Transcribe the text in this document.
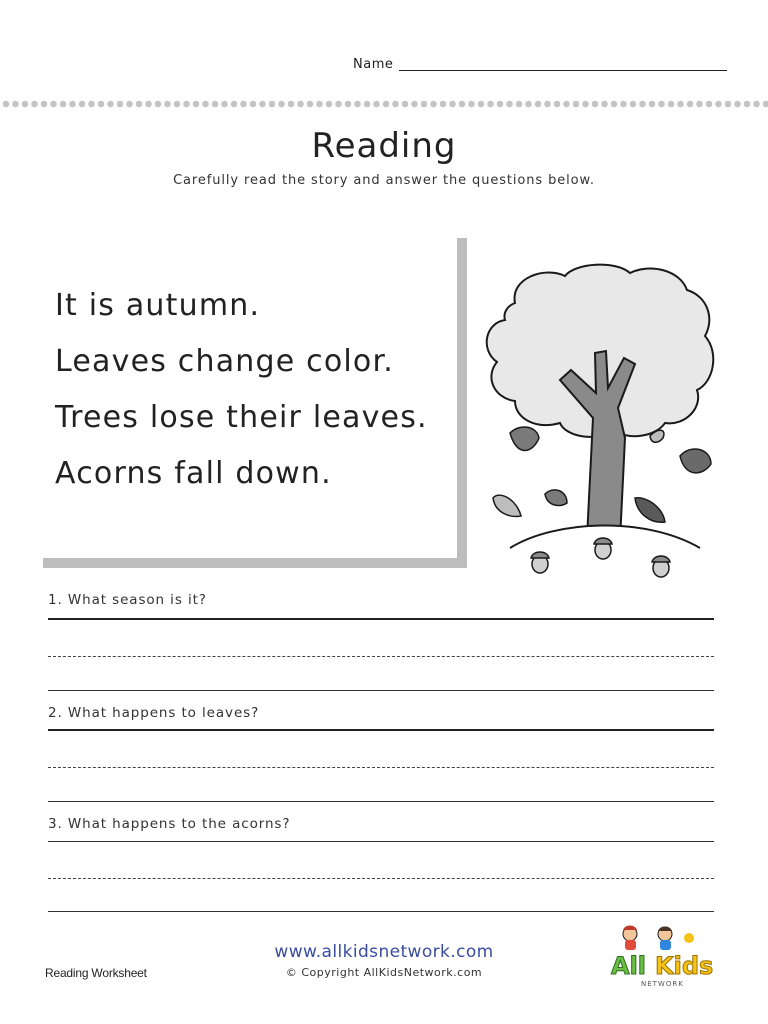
Name
Reading
Carefully read the story and answer the questions below.
It is autumn.
Leaves change color.
Trees lose their leaves.
Acorns fall down.
1. What season is it?
2. What happens to leaves?
3. What happens to the acorns?
www.allkidsnetwork.com
© Copyright AllKidsNetwork.com
Reading Worksheet	All Kids
NETWORK
